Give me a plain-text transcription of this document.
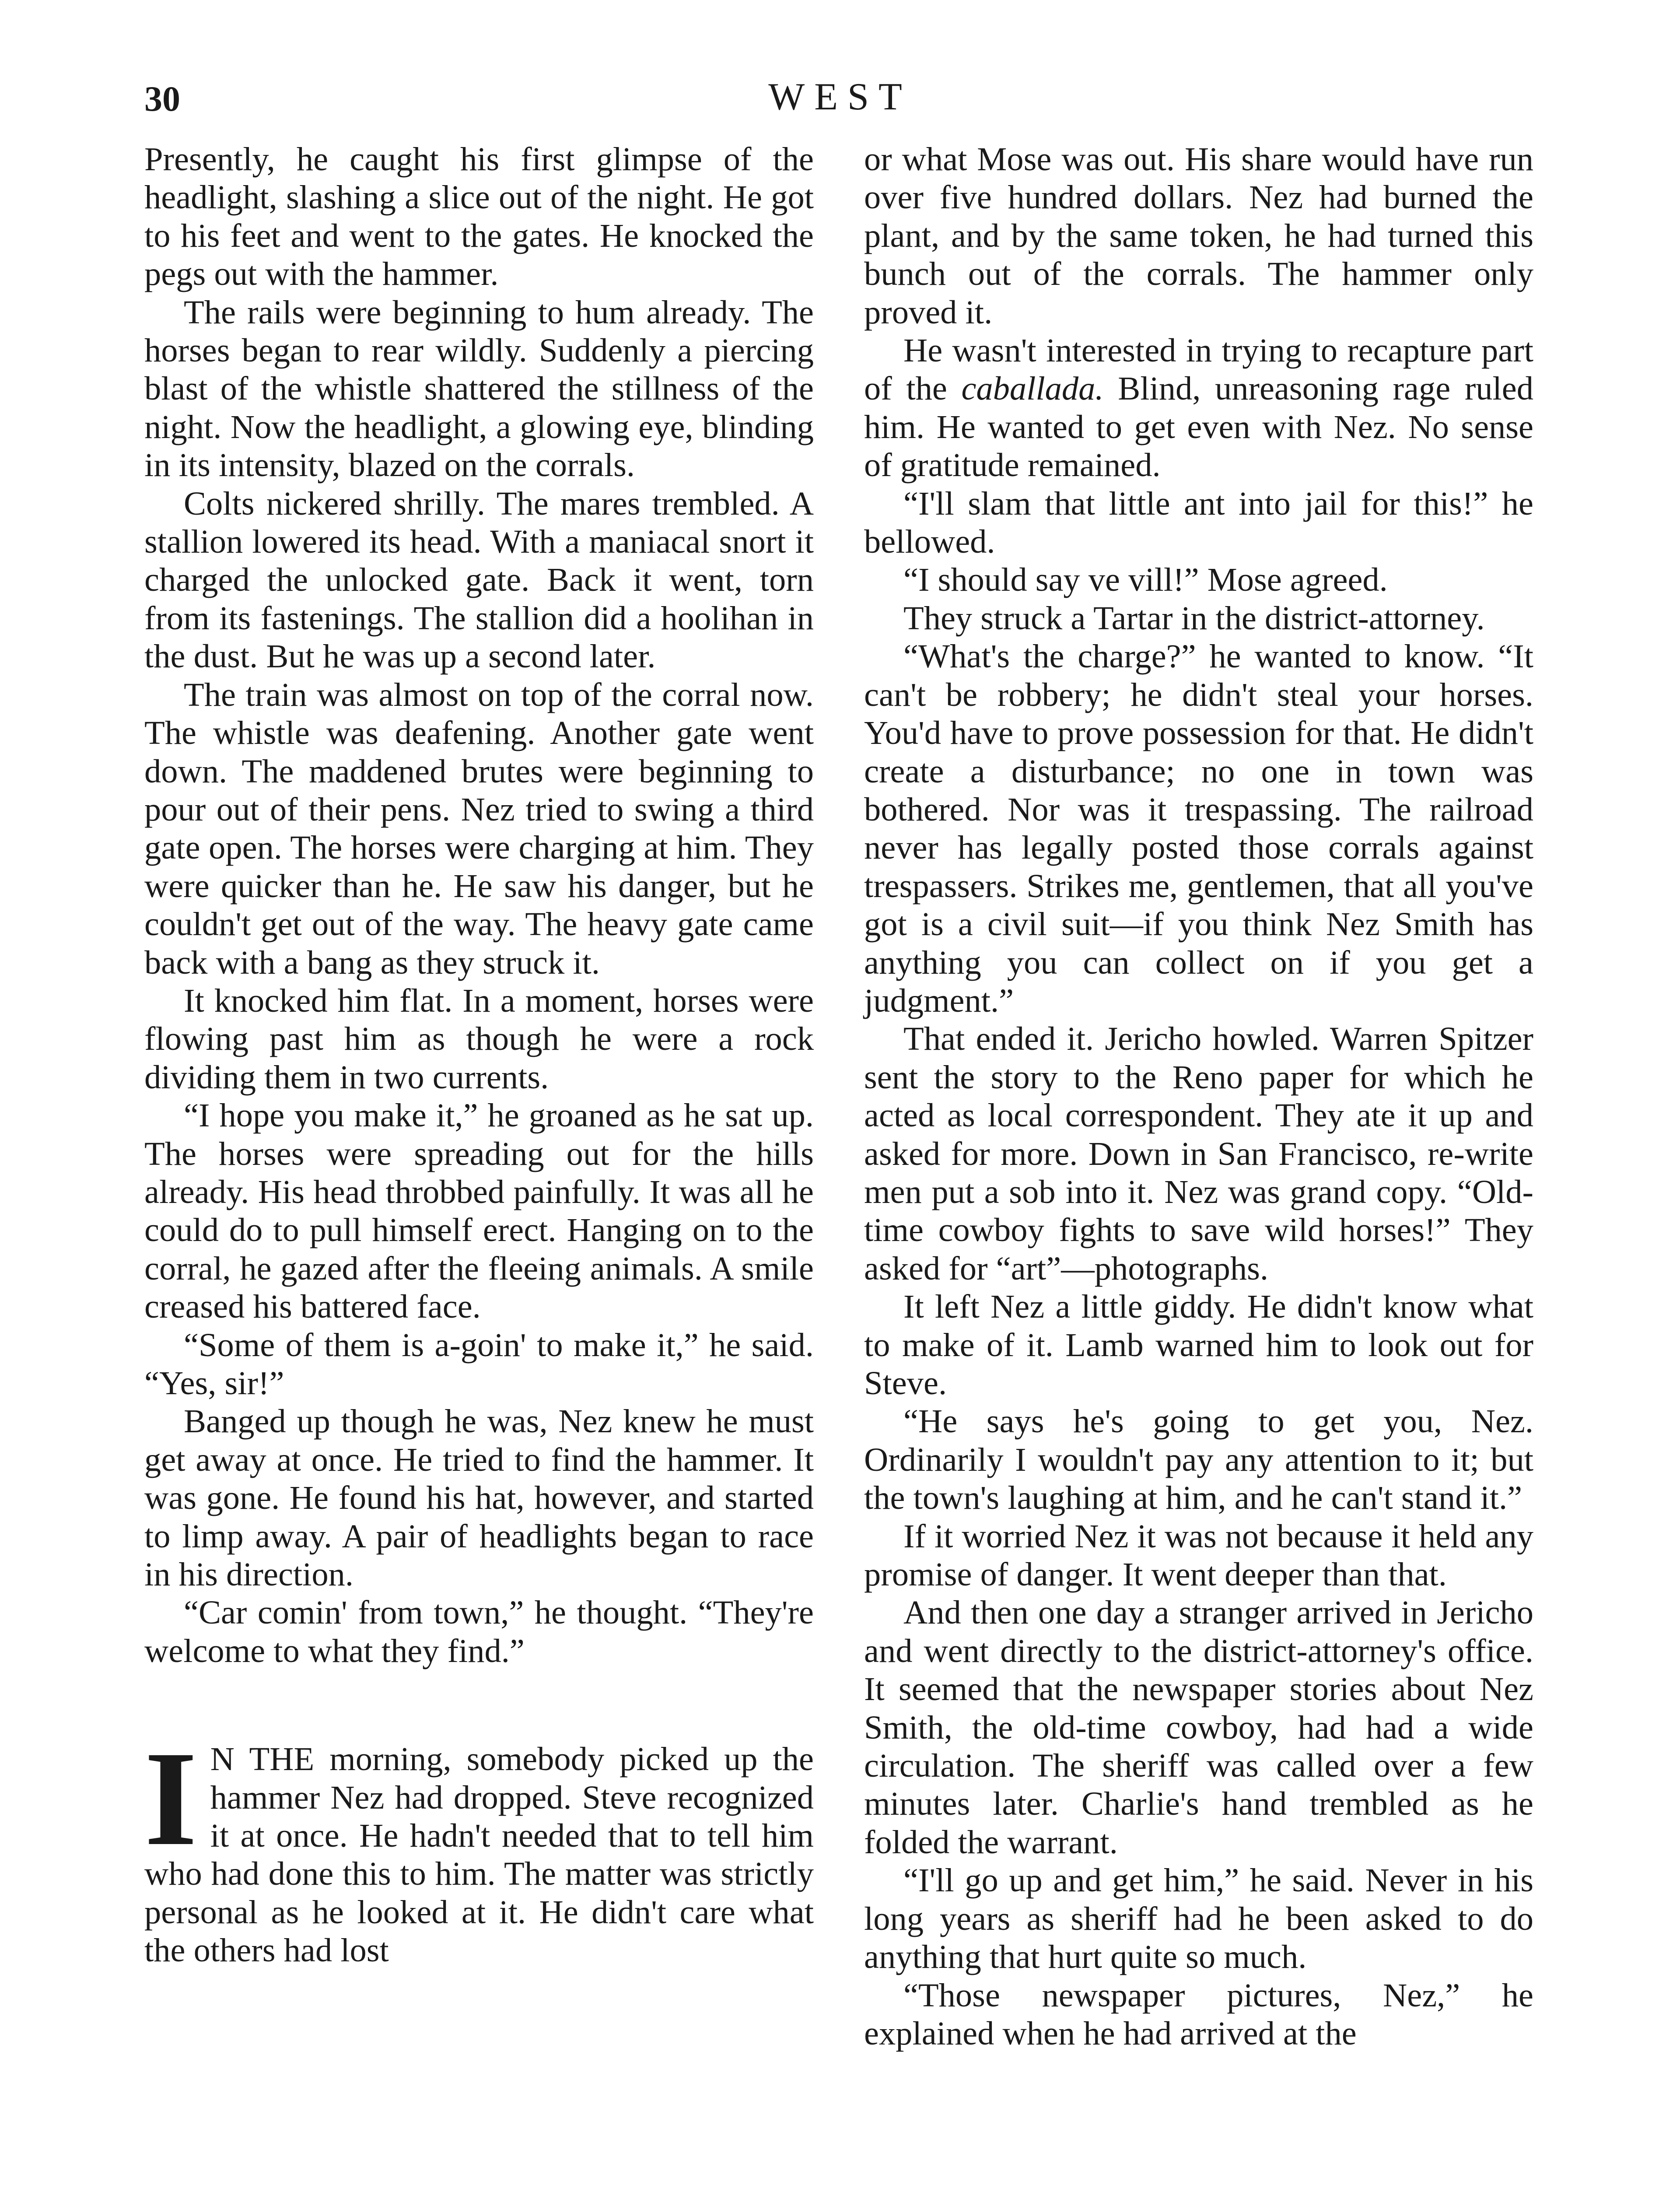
30	WEST

Presently, he caught his first glimpse of the headlight, slashing a slice out of the night. He got to his feet and went to the gates. He knocked the pegs out with the hammer.

The rails were beginning to hum already. The horses began to rear wildly. Suddenly a piercing blast of the whistle shattered the stillness of the night. Now the headlight, a glowing eye, blinding in its intensity, blazed on the corrals.

Colts nickered shrilly. The mares trembled. A stallion lowered its head. With a maniacal snort it charged the unlocked gate. Back it went, torn from its fastenings. The stallion did a hoolihan in the dust. But he was up a second later.

The train was almost on top of the corral now. The whistle was deafening. Another gate went down. The maddened brutes were beginning to pour out of their pens. Nez tried to swing a third gate open. The horses were charging at him. They were quicker than he. He saw his danger, but he couldn't get out of the way. The heavy gate came back with a bang as they struck it.

It knocked him flat. In a moment, horses were flowing past him as though he were a rock dividing them in two currents.

“I hope you make it,” he groaned as he sat up. The horses were spreading out for the hills already. His head throbbed painfully. It was all he could do to pull himself erect. Hanging on to the corral, he gazed after the fleeing animals. A smile creased his battered face.

“Some of them is a-goin' to make it,” he said. “Yes, sir!”

Banged up though he was, Nez knew he must get away at once. He tried to find the hammer. It was gone. He found his hat, however, and started to limp away. A pair of headlights began to race in his direction.

“Car comin' from town,” he thought. “They're welcome to what they find.”

I N THE morning, somebody picked up the hammer Nez had dropped. Steve recognized it at once. He hadn't needed that to tell him who had done this to him. The matter was strictly personal as he looked at it. He didn't care what the others had lost

or what Mose was out. His share would have run over five hundred dollars. Nez had burned the plant, and by the same token, he had turned this bunch out of the corrals. The hammer only proved it.

He wasn't interested in trying to recapture part of the caballada. Blind, unreasoning rage ruled him. He wanted to get even with Nez. No sense of gratitude remained.

“I'll slam that little ant into jail for this!” he bellowed.

“I should say ve vill!” Mose agreed.

They struck a Tartar in the district-attorney.

“What's the charge?” he wanted to know. “It can't be robbery; he didn't steal your horses. You'd have to prove possession for that. He didn't create a disturbance; no one in town was bothered. Nor was it trespassing. The railroad never has legally posted those corrals against trespassers. Strikes me, gentlemen, that all you've got is a civil suit—if you think Nez Smith has anything you can collect on if you get a judgment.”

That ended it. Jericho howled. Warren Spitzer sent the story to the Reno paper for which he acted as local correspondent. They ate it up and asked for more. Down in San Francisco, re-write men put a sob into it. Nez was grand copy. “Old-time cowboy fights to save wild horses!” They asked for “art”—photographs.

It left Nez a little giddy. He didn't know what to make of it. Lamb warned him to look out for Steve.

“He says he's going to get you, Nez. Ordinarily I wouldn't pay any attention to it; but the town's laughing at him, and he can't stand it.”

If it worried Nez it was not because it held any promise of danger. It went deeper than that.

And then one day a stranger arrived in Jericho and went directly to the district-attorney's office. It seemed that the newspaper stories about Nez Smith, the old-time cowboy, had had a wide circulation. The sheriff was called over a few minutes later. Charlie's hand trembled as he folded the warrant.

“I'll go up and get him,” he said. Never in his long years as sheriff had he been asked to do anything that hurt quite so much.

“Those newspaper pictures, Nez,” he explained when he had arrived at the
